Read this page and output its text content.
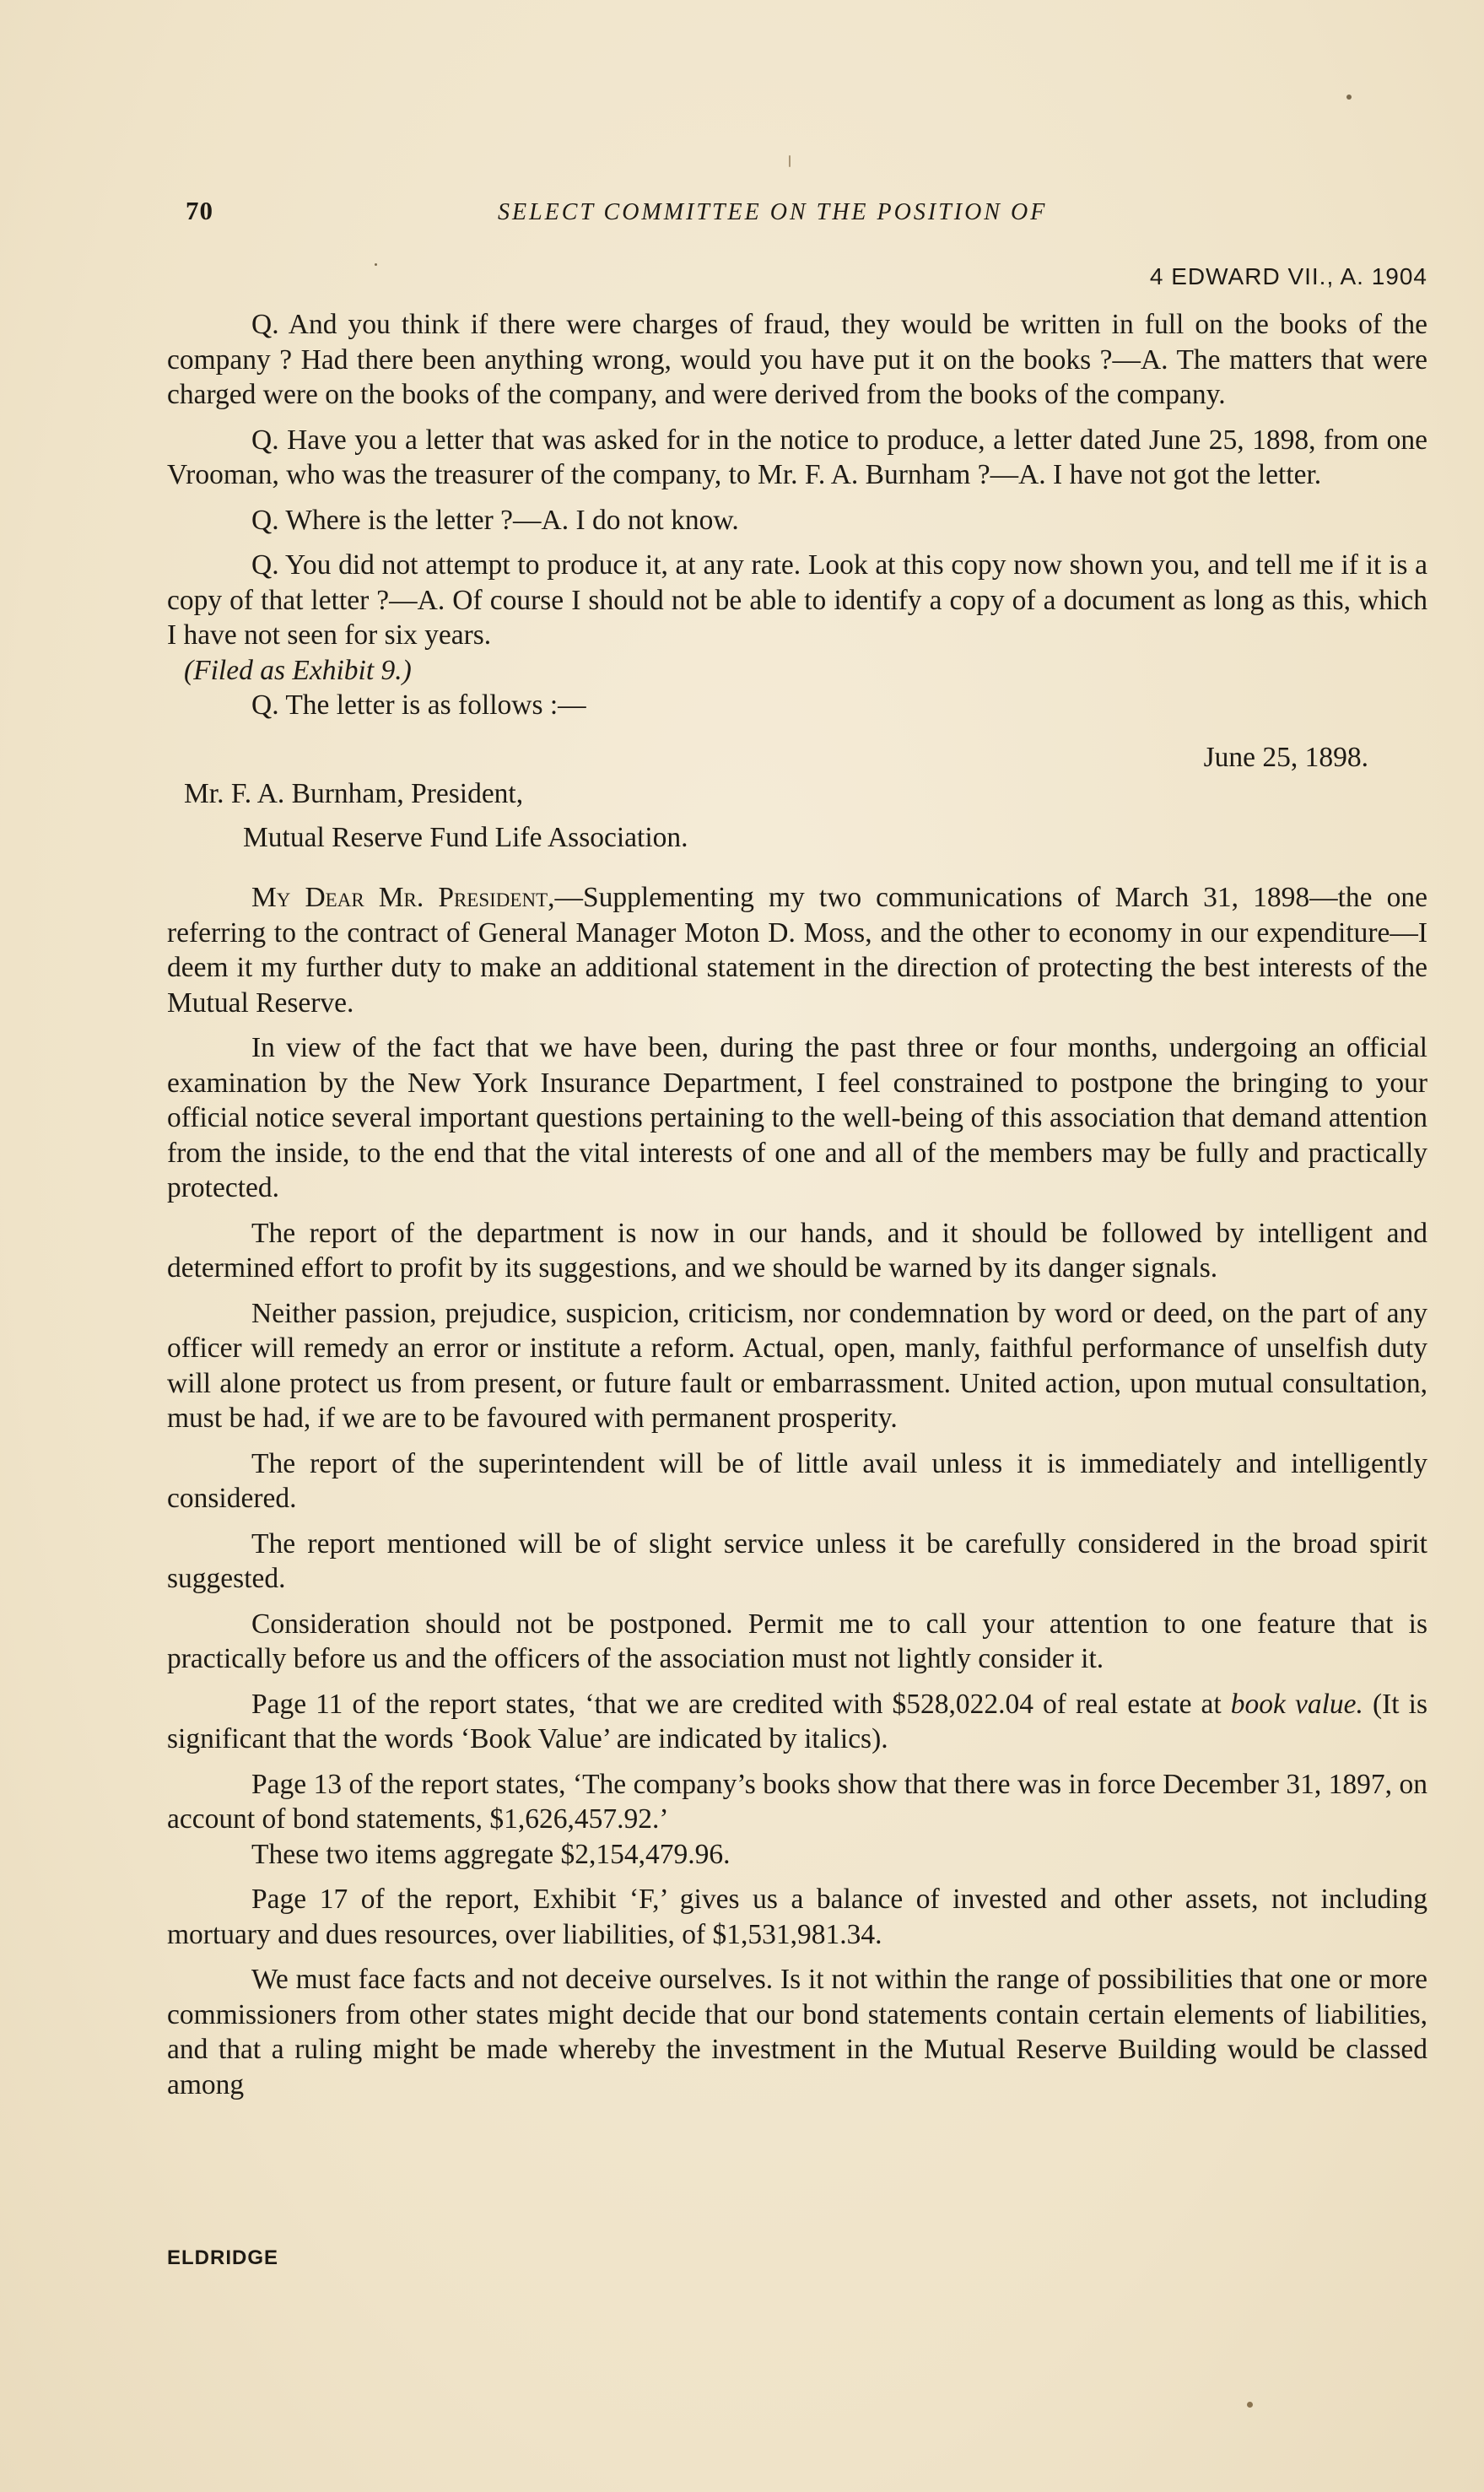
70	SELECT COMMITTEE ON THE POSITION OF
4 EDWARD VII., A. 1904

Q. And you think if there were charges of fraud, they would be written in full on the books of the company ? Had there been anything wrong, would you have put it on the books ?—A. The matters that were charged were on the books of the company, and were derived from the books of the company.

Q. Have you a letter that was asked for in the notice to produce, a letter dated June 25, 1898, from one Vrooman, who was the treasurer of the company, to Mr. F. A. Burnham ?—A. I have not got the letter.

Q. Where is the letter ?—A. I do not know.

Q. You did not attempt to produce it, at any rate. Look at this copy now shown you, and tell me if it is a copy of that letter ?—A. Of course I should not be able to identify a copy of a document as long as this, which I have not seen for six years.

(Filed as Exhibit 9.)

Q. The letter is as follows :—

June 25, 1898.

Mr. F. A. Burnham, President,

Mutual Reserve Fund Life Association.

My Dear Mr. President,—Supplementing my two communications of March 31, 1898—the one referring to the contract of General Manager Moton D. Moss, and the other to economy in our expenditure—I deem it my further duty to make an additional statement in the direction of protecting the best interests of the Mutual Reserve.

In view of the fact that we have been, during the past three or four months, undergoing an official examination by the New York Insurance Department, I feel constrained to postpone the bringing to your official notice several important questions pertaining to the well-being of this association that demand attention from the inside, to the end that the vital interests of one and all of the members may be fully and practically protected.

The report of the department is now in our hands, and it should be followed by intelligent and determined effort to profit by its suggestions, and we should be warned by its danger signals.

Neither passion, prejudice, suspicion, criticism, nor condemnation by word or deed, on the part of any officer will remedy an error or institute a reform. Actual, open, manly, faithful performance of unselfish duty will alone protect us from present, or future fault or embarrassment. United action, upon mutual consultation, must be had, if we are to be favoured with permanent prosperity.

The report of the superintendent will be of little avail unless it is immediately and intelligently considered.

The report mentioned will be of slight service unless it be carefully considered in the broad spirit suggested.

Consideration should not be postponed. Permit me to call your attention to one feature that is practically before us and the officers of the association must not lightly consider it.

Page 11 of the report states, ‘that we are credited with $528,022.04 of real estate at book value. (It is significant that the words ‘Book Value’ are indicated by italics).

Page 13 of the report states, ‘The company’s books show that there was in force December 31, 1897, on account of bond statements, $1,626,457.92.’

These two items aggregate $2,154,479.96.

Page 17 of the report, Exhibit ‘F,’ gives us a balance of invested and other assets, not including mortuary and dues resources, over liabilities, of $1,531,981.34.

We must face facts and not deceive ourselves. Is it not within the range of possibilities that one or more commissioners from other states might decide that our bond statements contain certain elements of liabilities, and that a ruling might be made whereby the investment in the Mutual Reserve Building would be classed among

ELDRIDGE
